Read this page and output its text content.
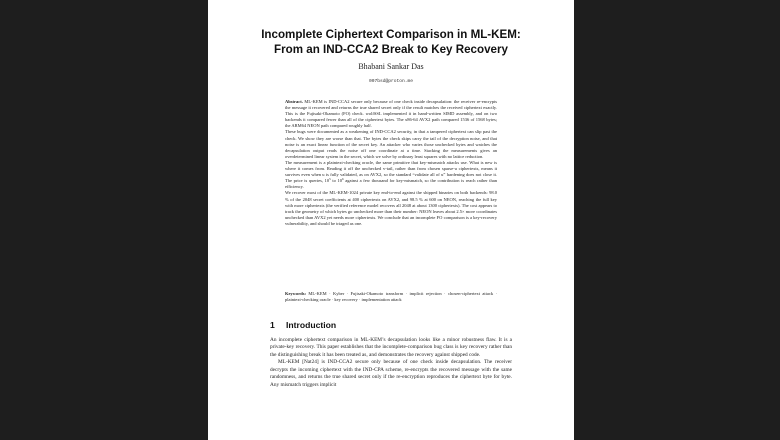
Incomplete Ciphertext Comparison in ML-KEM:
From an IND-CCA2 Break to Key Recovery
Bhabani Sankar Das
007bsd@proton.me

Abstract. ML-KEM is IND-CCA2 secure only because of one check inside decapsulation: the receiver re-encrypts the message it recovered and returns the true shared secret only if the result matches the received ciphertext exactly. This is the Fujisaki-Okamoto (FO) check. wolfSSL implemented it in hand-written SIMD assembly, and on two backends it compared fewer than all of the ciphertext bytes. The x86-64 AVX2 path compared 1536 of 1568 bytes; the ARM64 NEON path compared roughly half.

These bugs were documented as a weakening of IND-CCA2 security, in that a tampered ciphertext can slip past the check. We show they are worse than that. The bytes the check skips carry the tail of the decryption noise, and that noise is an exact linear function of the secret key. An attacker who varies those unchecked bytes and watches the decapsulation output reads the noise off one coordinate at a time. Stacking the measurements gives an overdetermined linear system in the secret, which we solve by ordinary least squares with no lattice reduction.

The measurement is a plaintext-checking oracle, the same primitive that key-mismatch attacks use. What is new is where it comes from. Reading it off the unchecked v-tail, rather than from chosen sparse-u ciphertexts, means it survives even when u is fully validated, as on AVX2, so the standard “validate all of u” hardening does not close it. The price is queries, $10^5$ to $10^6$ against a few thousand for key-mismatch, so the contribution is reach rather than efficiency.

We recover most of the ML-KEM-1024 private key end-to-end against the shipped binaries on both backends: 98.0 % of the 2048 secret coefficients at 400 ciphertexts on AVX2, and 98.5 % at 600 on NEON, reaching the full key with more ciphertexts (the verified reference model recovers all 2048 at about 1300 ciphertexts). The cost appears to track the geometry of which bytes go unchecked more than their number: NEON leaves about 2.5× more coordinates unchecked than AVX2 yet needs more ciphertexts. We conclude that an incomplete FO comparison is a key-recovery vulnerability, and should be triaged as one.

Keywords: ML-KEM · Kyber · Fujisaki-Okamoto transform · implicit rejection · chosen-ciphertext attack · plaintext-checking oracle · key recovery · implementation attack
1 Introduction

An incomplete ciphertext comparison in ML-KEM’s decapsulation looks like a minor robustness flaw. It is a private-key recovery. This paper establishes that the incomplete-comparison bug class is key recovery rather than the distinguishing break it has been treated as, and demonstrates the recovery against shipped code.

ML-KEM [Nat24] is IND-CCA2 secure only because of one check inside decapsulation. The receiver decrypts the incoming ciphertext with the IND-CPA scheme, re-encrypts the recovered message with the same randomness, and returns the true shared secret only if the re-encryption reproduces the ciphertext byte for byte. Any mismatch triggers implicit
